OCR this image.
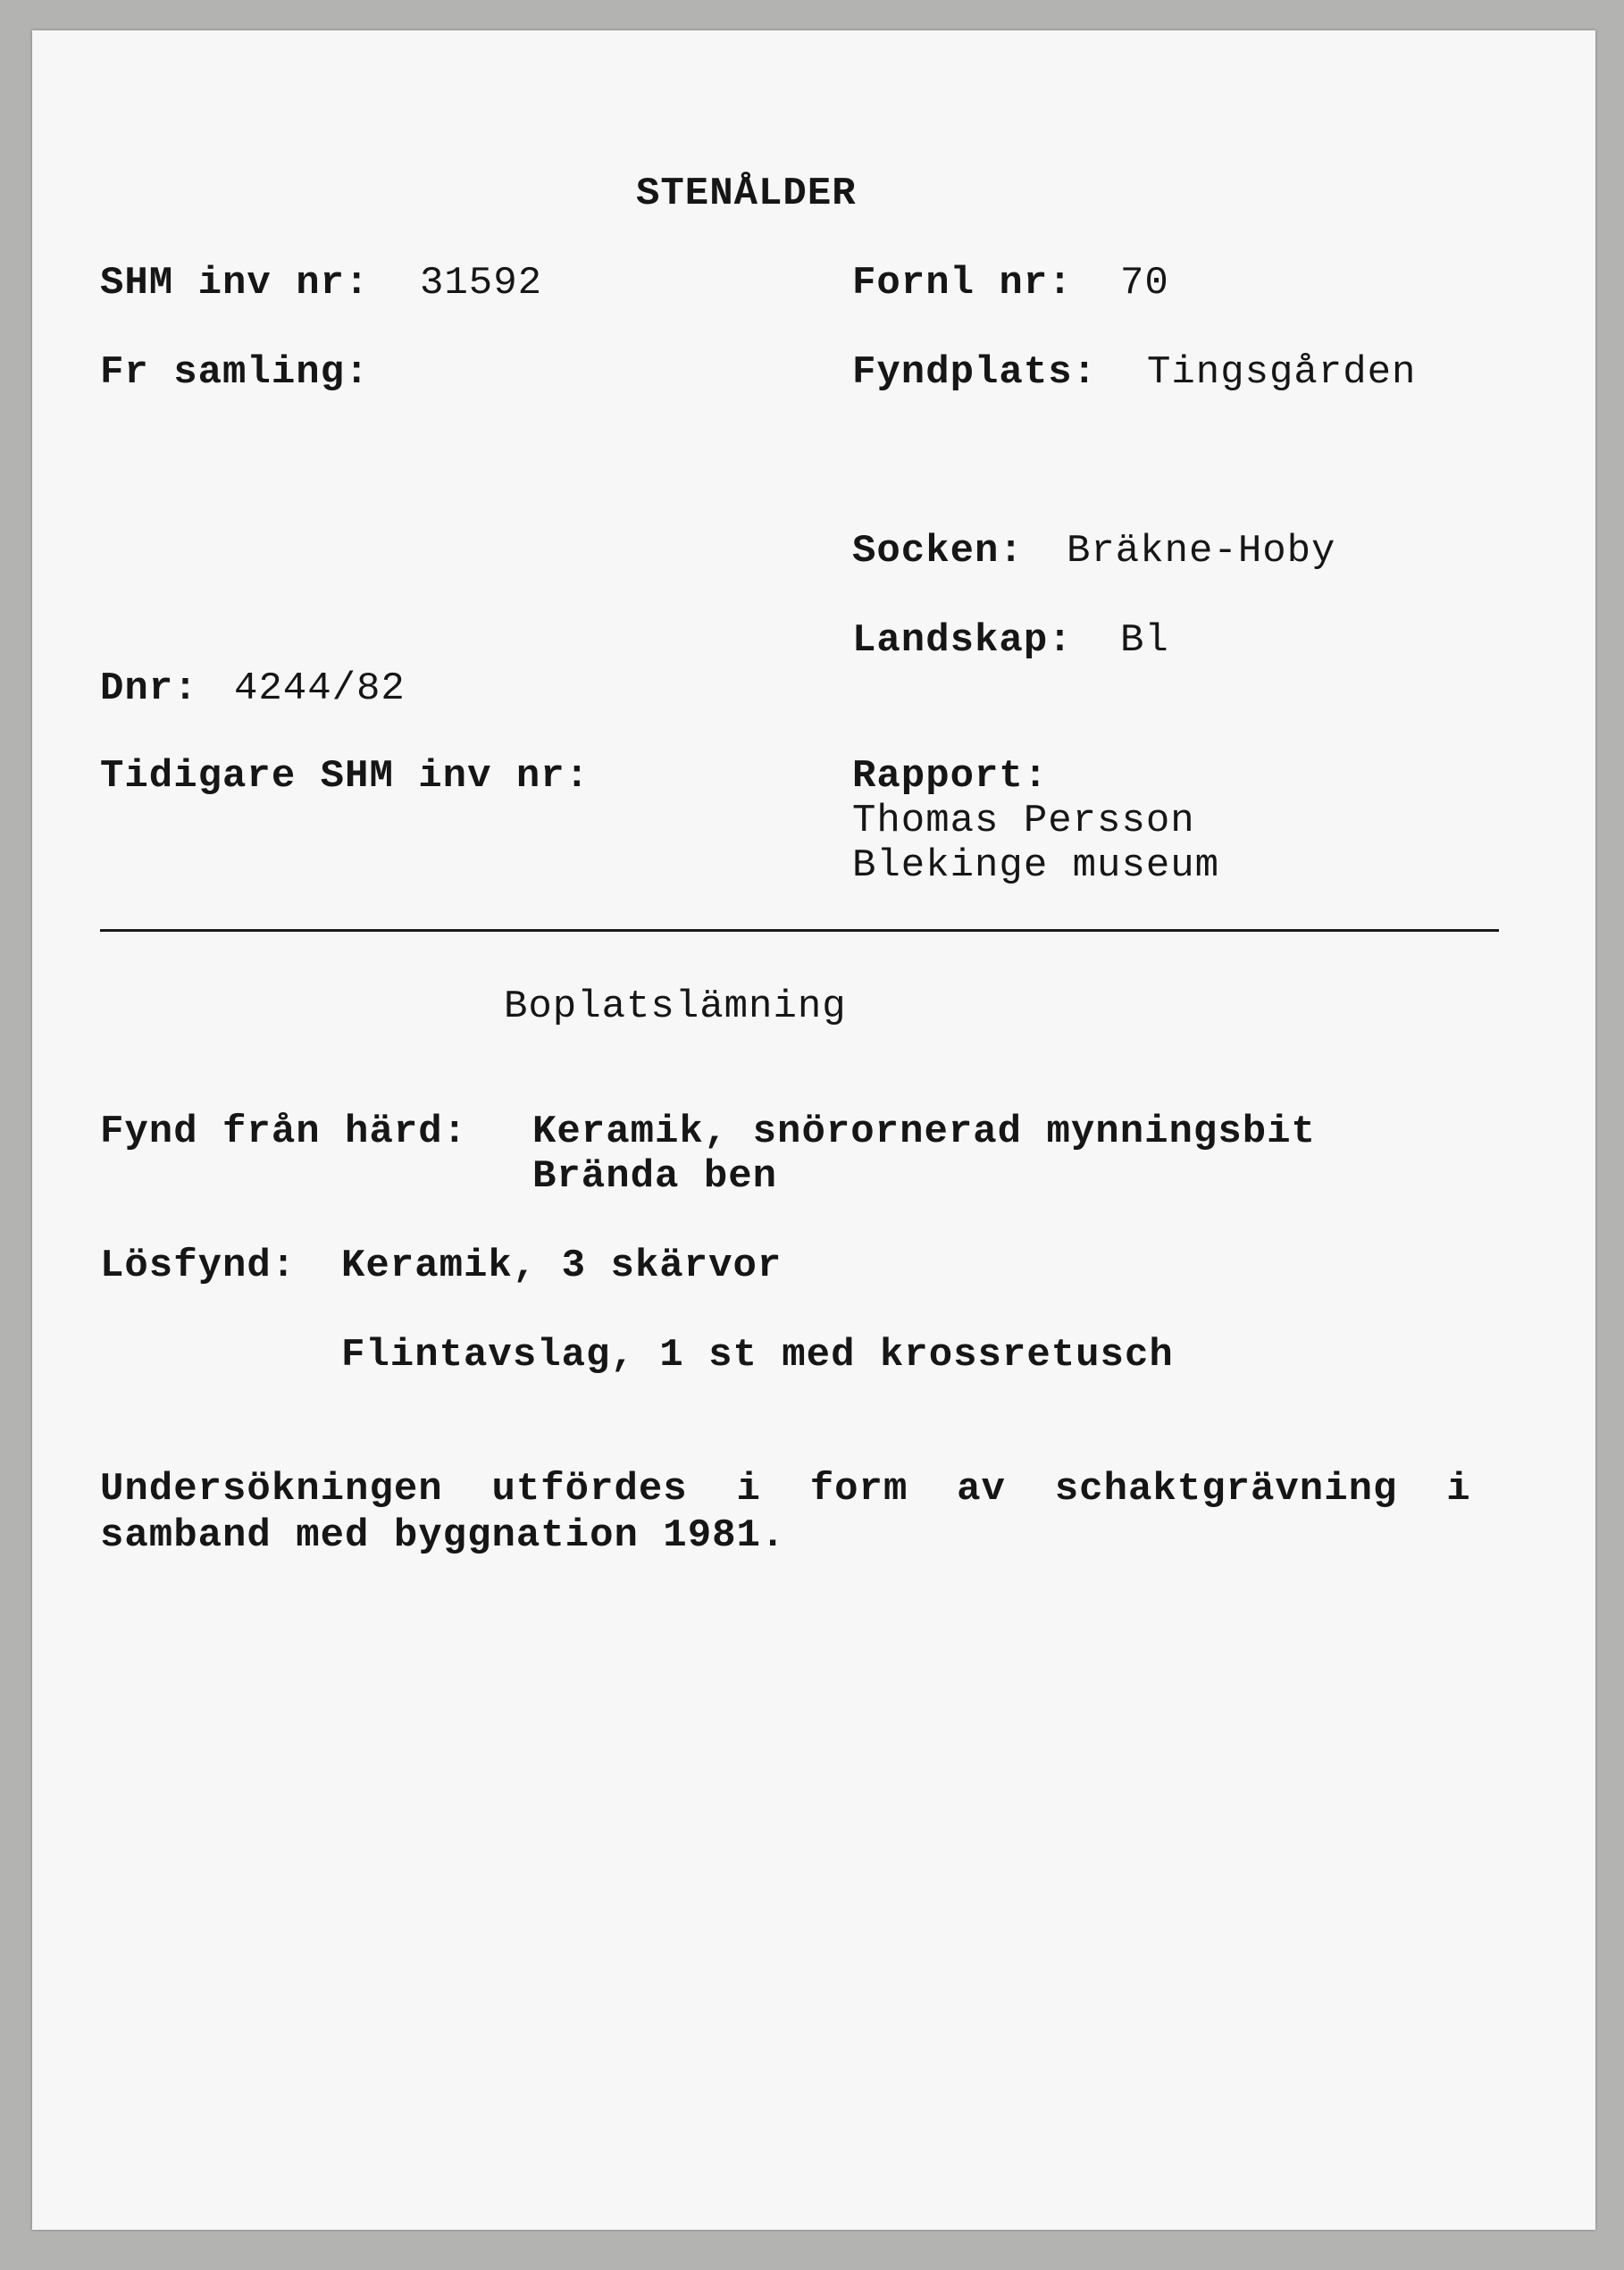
STENÅLDER
SHM inv nr: 31592	Fornl nr: 70
Fr samling:	Fyndplats: Tingsgården
Socken: Bräkne-Hoby
Landskap: Bl
Dnr: 4244/82
Tidigare SHM inv nr:	Rapport:
Thomas Persson
Blekinge museum
Boplatslämning
Fynd från härd: Keramik, snörornerad mynningsbit
Brända ben
Lösfynd: Keramik, 3 skärvor
Flintavslag, 1 st med krossretusch
Undersökningen  utfördes  i  form  av  schaktgrävning  i
samband med byggnation 1981.
